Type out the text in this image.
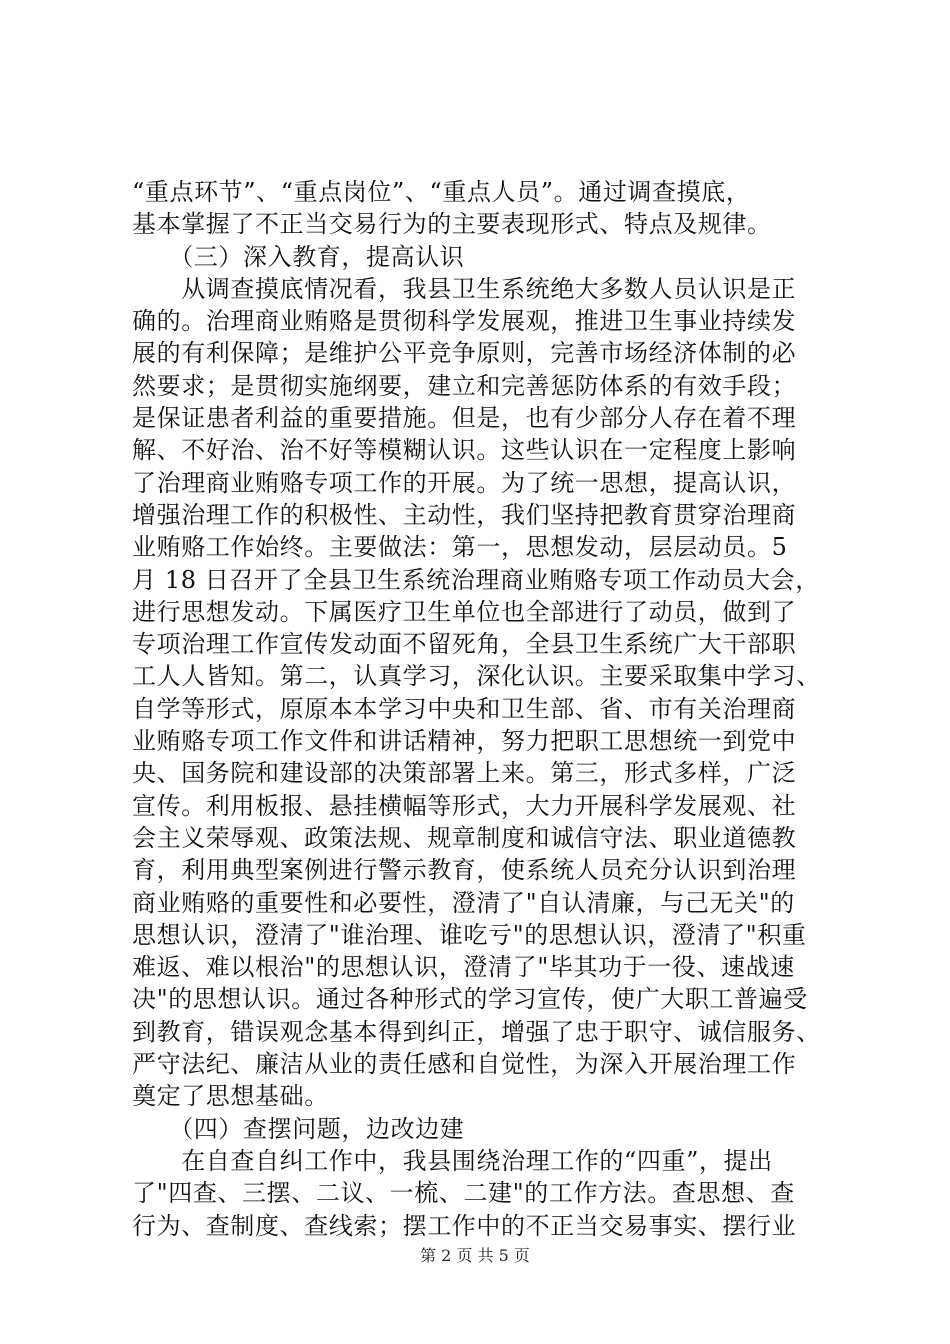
“重点环节”、“重点岗位”、“重点人员”。通过调查摸底，
基本掌握了不正当交易行为的主要表现形式、特点及规律。
　　（三）深入教育，提高认识
　　从调查摸底情况看，我县卫生系统绝大多数人员认识是正
确的。治理商业贿赂是贯彻科学发展观，推进卫生事业持续发
展的有利保障；是维护公平竞争原则，完善市场经济体制的必
然要求；是贯彻实施纲要，建立和完善惩防体系的有效手段；
是保证患者利益的重要措施。但是，也有少部分人存在着不理
解、不好治、治不好等模糊认识。这些认识在一定程度上影响
了治理商业贿赂专项工作的开展。为了统一思想，提高认识，
增强治理工作的积极性、主动性，我们坚持把教育贯穿治理商
业贿赂工作始终。主要做法：第一，思想发动，层层动员。5
月 18 日召开了全县卫生系统治理商业贿赂专项工作动员大会，
进行思想发动。下属医疗卫生单位也全部进行了动员，做到了
专项治理工作宣传发动面不留死角，全县卫生系统广大干部职
工人人皆知。第二，认真学习，深化认识。主要采取集中学习、
自学等形式，原原本本学习中央和卫生部、省、市有关治理商
业贿赂专项工作文件和讲话精神，努力把职工思想统一到党中
央、国务院和建设部的决策部署上来。第三，形式多样，广泛
宣传。利用板报、悬挂横幅等形式，大力开展科学发展观、社
会主义荣辱观、政策法规、规章制度和诚信守法、职业道德教
育，利用典型案例进行警示教育，使系统人员充分认识到治理
商业贿赂的重要性和必要性，澄清了"自认清廉，与己无关"的
思想认识，澄清了"谁治理、谁吃亏"的思想认识，澄清了"积重
难返、难以根治"的思想认识，澄清了"毕其功于一役、速战速
决"的思想认识。通过各种形式的学习宣传，使广大职工普遍受
到教育，错误观念基本得到纠正，增强了忠于职守、诚信服务、
严守法纪、廉洁从业的责任感和自觉性，为深入开展治理工作
奠定了思想基础。
　　（四）查摆问题，边改边建
　　在自查自纠工作中，我县围绕治理工作的“四重”，提出
了"四查、三摆、二议、一梳、二建"的工作方法。查思想、查
行为、查制度、查线索；摆工作中的不正当交易事实、摆行业
第 2 页 共 5 页
